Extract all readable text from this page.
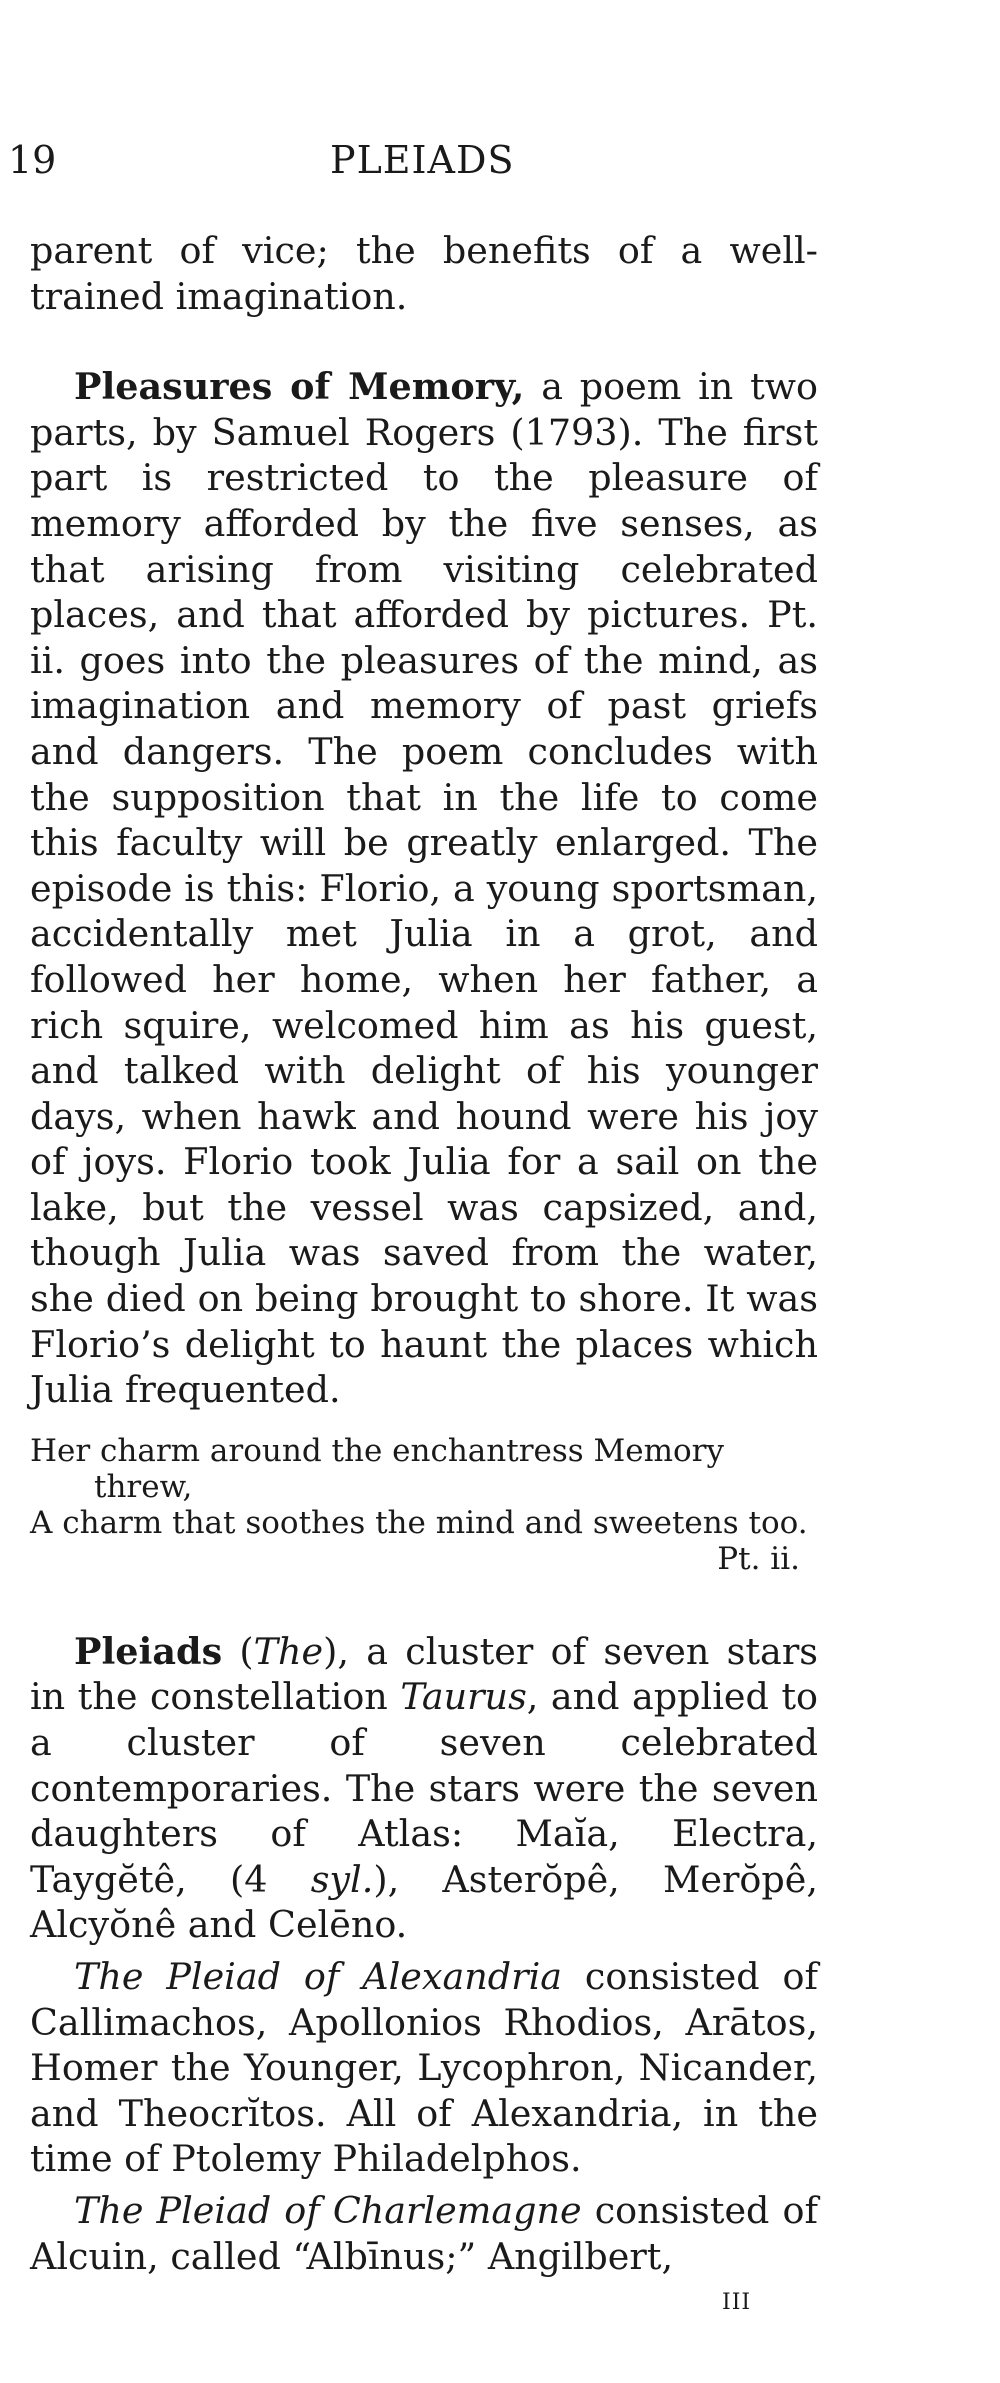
19	PLEIADS

parent of vice; the benefits of a well-trained imagination.

Pleasures of Memory, a poem in two parts, by Samuel Rogers (1793). The first part is restricted to the pleasure of memory afforded by the five senses, as that arising from visiting celebrated places, and that afforded by pictures. Pt. ii. goes into the pleasures of the mind, as imagination and memory of past griefs and dangers. The poem concludes with the supposition that in the life to come this faculty will be greatly enlarged. The episode is this: Florio, a young sportsman, accidentally met Julia in a grot, and followed her home, when her father, a rich squire, welcomed him as his guest, and talked with delight of his younger days, when hawk and hound were his joy of joys. Florio took Julia for a sail on the lake, but the vessel was capsized, and, though Julia was saved from the water, she died on being brought to shore. It was Florio’s delight to haunt the places which Julia frequented.

Her charm around the enchantress Memory
threw,
A charm that soothes the mind and sweetens too.
Pt. ii.

Pleiads (The), a cluster of seven stars in the constellation Taurus, and applied to a cluster of seven celebrated contemporaries. The stars were the seven daughters of Atlas: Maĭa, Electra, Taygĕtê, (4 syl.), Asterŏpê, Merŏpê, Alcyŏnê and Celēno.

The Pleiad of Alexandria consisted of Callimachos, Apollonios Rhodios, Arātos, Homer the Younger, Lycophron, Nicander, and Theocrĭtos. All of Alexandria, in the time of Ptolemy Philadelphos.

The Pleiad of Charlemagne consisted of Alcuin, called “Albīnus;” Angilbert,

III
